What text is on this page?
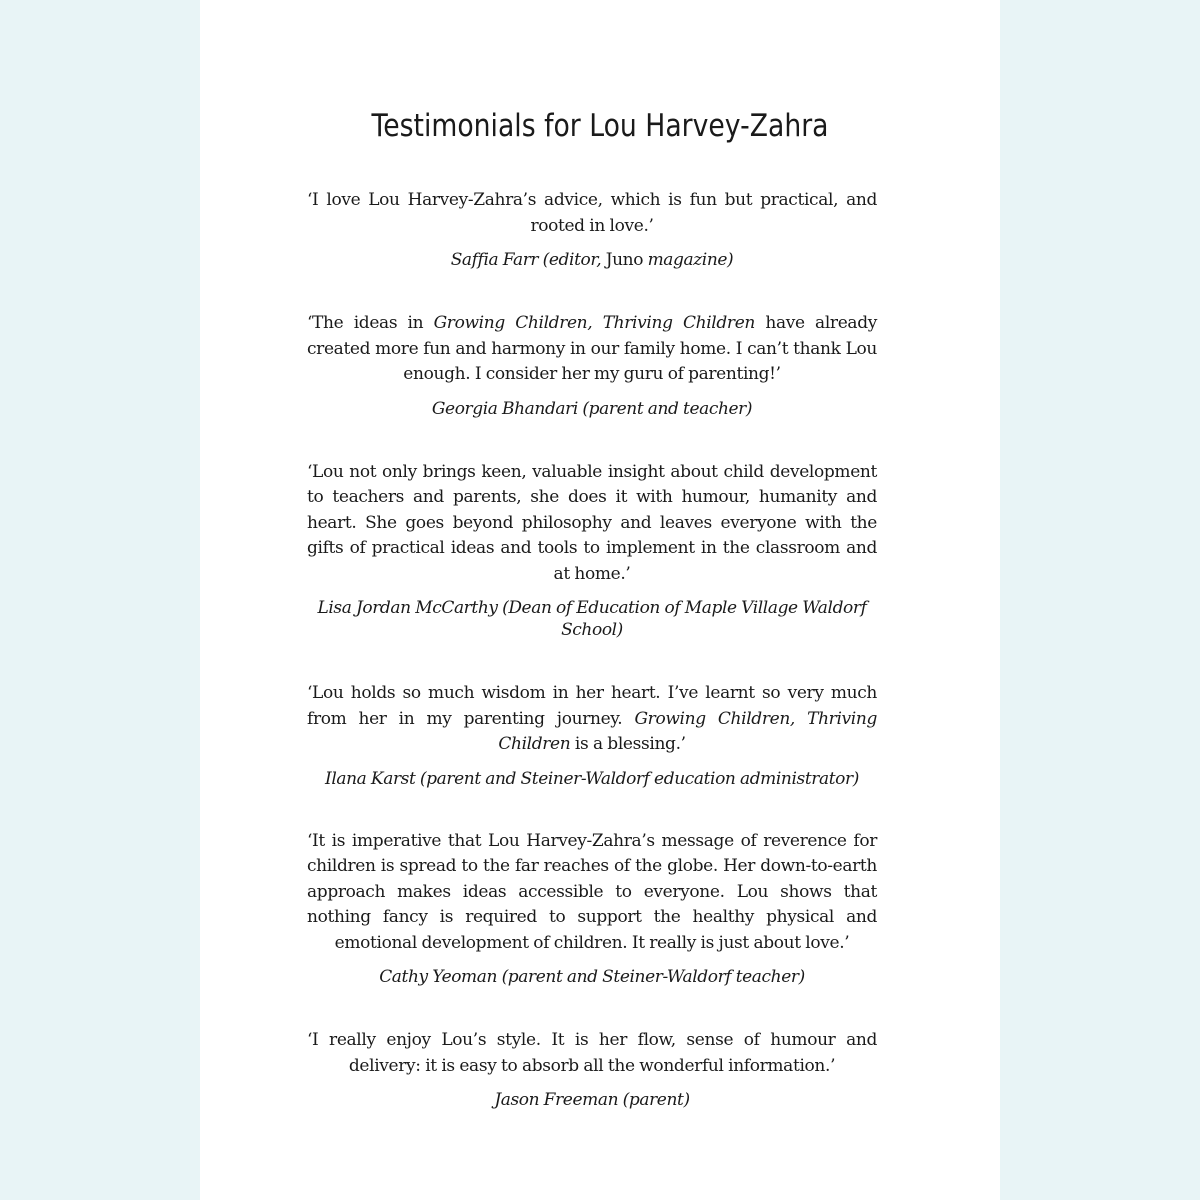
Testimonials for Lou Harvey-Zahra

‘I love Lou Harvey-Zahra’s advice, which is fun but practical, and rooted in love.’

Saffia Farr (editor, Juno magazine)

‘The ideas in Growing Children, Thriving Children have already created more fun and harmony in our family home. I can’t thank Lou enough. I consider her my guru of parenting!’

Georgia Bhandari (parent and teacher)

‘Lou not only brings keen, valuable insight about child development to teachers and parents, she does it with humour, humanity and heart. She goes beyond philosophy and leaves everyone with the gifts of practical ideas and tools to implement in the classroom and at home.’

Lisa Jordan McCarthy (Dean of Education of Maple Village Waldorf School)

‘Lou holds so much wisdom in her heart. I’ve learnt so very much from her in my parenting journey. Growing Children, Thriving Children is a blessing.’

Ilana Karst (parent and Steiner-Waldorf education administrator)

‘It is imperative that Lou Harvey-Zahra’s message of reverence for children is spread to the far reaches of the globe. Her down-to-earth approach makes ideas accessible to everyone. Lou shows that nothing fancy is required to support the healthy physical and emotional development of children. It really is just about love.’

Cathy Yeoman (parent and Steiner-Waldorf teacher)

‘I really enjoy Lou’s style. It is her flow, sense of humour and delivery: it is easy to absorb all the wonderful information.’

Jason Freeman (parent)
